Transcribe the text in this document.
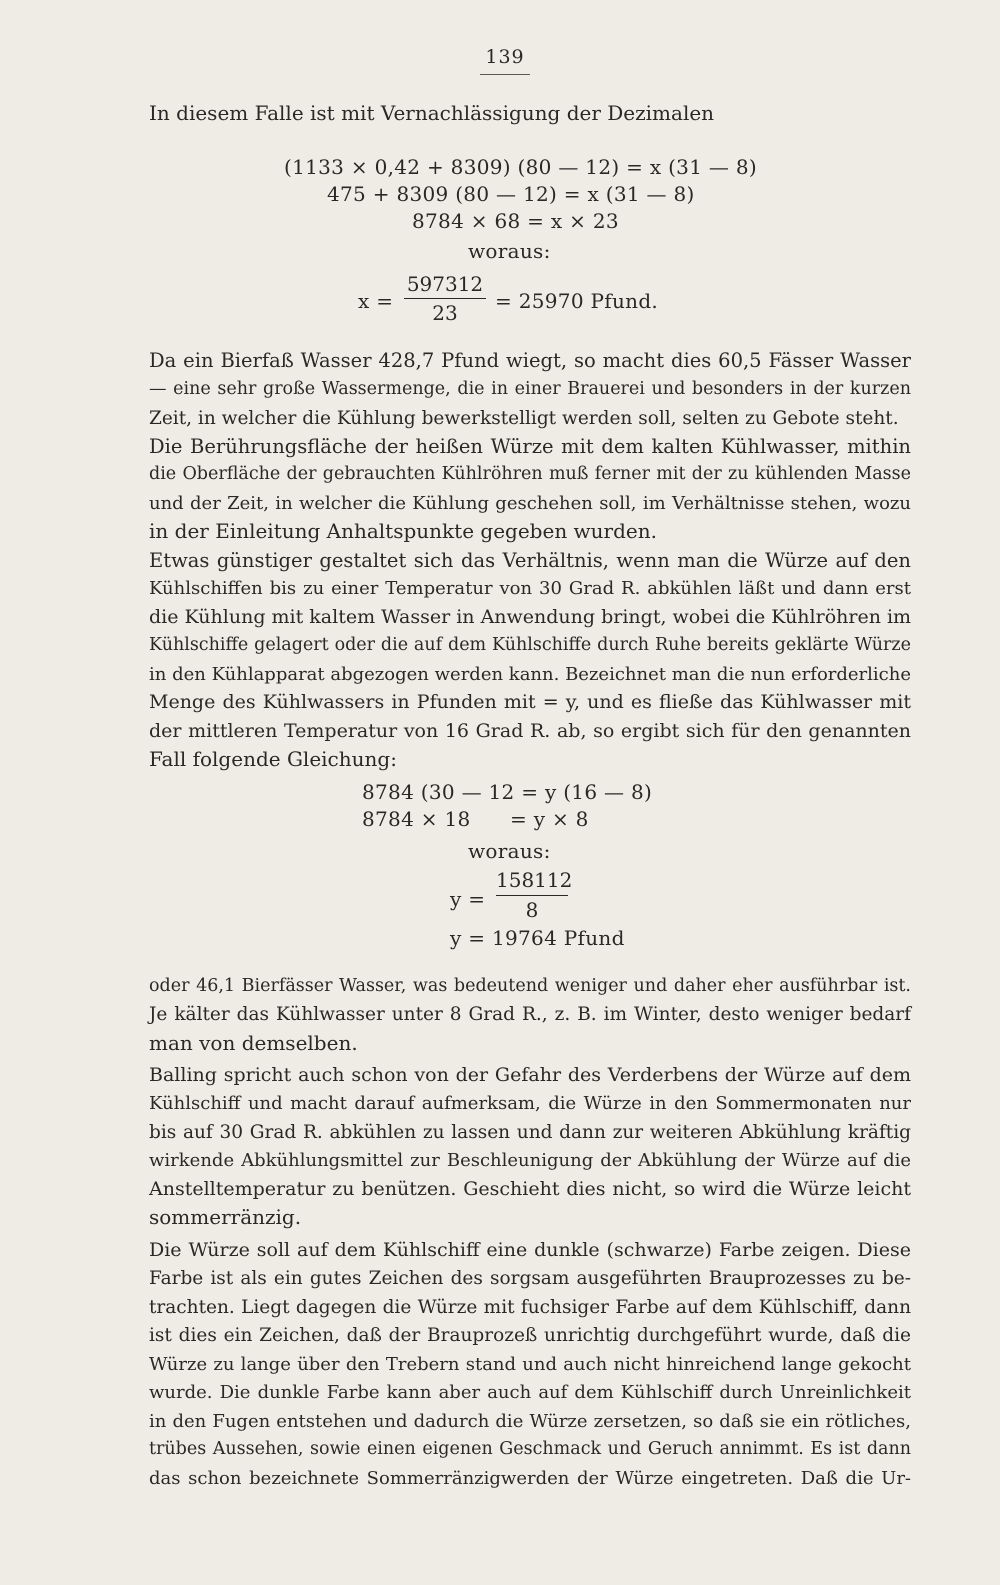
139
In diesem Falle ist mit Vernachlässigung der Dezimalen
(1133 × 0,42 + 8309) (80 — 12) = x (31 — 8)
475 + 8309 (80 — 12) = x (31 — 8)
8784 × 68 = x × 23
woraus:
x =
597312
23	= 25970 Pfund.
Da ein Bierfaß Wasser 428,7 Pfund wiegt, so macht dies 60,5 Fässer Wasser
— eine sehr große Wassermenge, die in einer Brauerei und besonders in der kurzen
Zeit, in welcher die Kühlung bewerkstelligt werden soll, selten zu Gebote steht.
Die Berührungsfläche der heißen Würze mit dem kalten Kühlwasser, mithin
die Oberfläche der gebrauchten Kühlröhren muß ferner mit der zu kühlenden Masse
und der Zeit, in welcher die Kühlung geschehen soll, im Verhältnisse stehen, wozu
in der Einleitung Anhaltspunkte gegeben wurden.
Etwas günstiger gestaltet sich das Verhältnis, wenn man die Würze auf den
Kühlschiffen bis zu einer Temperatur von 30 Grad R. abkühlen läßt und dann erst
die Kühlung mit kaltem Wasser in Anwendung bringt, wobei die Kühlröhren im
Kühlschiffe gelagert oder die auf dem Kühlschiffe durch Ruhe bereits geklärte Würze
in den Kühlapparat abgezogen werden kann. Bezeichnet man die nun erforderliche
Menge des Kühlwassers in Pfunden mit = y, und es fließe das Kühlwasser mit
der mittleren Temperatur von 16 Grad R. ab, so ergibt sich für den genannten
Fall folgende Gleichung:
8784 (30 — 12 = y (16 — 8)
8784 × 18 = y × 8
woraus:
y =
158112
8
y = 19764 Pfund
oder 46,1 Bierfässer Wasser, was bedeutend weniger und daher eher ausführbar ist.
Je kälter das Kühlwasser unter 8 Grad R., z. B. im Winter, desto weniger bedarf
man von demselben.
Balling spricht auch schon von der Gefahr des Verderbens der Würze auf dem
Kühlschiff und macht darauf aufmerksam, die Würze in den Sommermonaten nur
bis auf 30 Grad R. abkühlen zu lassen und dann zur weiteren Abkühlung kräftig
wirkende Abkühlungsmittel zur Beschleunigung der Abkühlung der Würze auf die
Anstelltemperatur zu benützen. Geschieht dies nicht, so wird die Würze leicht
sommerränzig.
Die Würze soll auf dem Kühlschiff eine dunkle (schwarze) Farbe zeigen. Diese
Farbe ist als ein gutes Zeichen des sorgsam ausgeführten Brauprozesses zu be-
trachten. Liegt dagegen die Würze mit fuchsiger Farbe auf dem Kühlschiff, dann
ist dies ein Zeichen, daß der Brauprozeß unrichtig durchgeführt wurde, daß die
Würze zu lange über den Trebern stand und auch nicht hinreichend lange gekocht
wurde. Die dunkle Farbe kann aber auch auf dem Kühlschiff durch Unreinlichkeit
in den Fugen entstehen und dadurch die Würze zersetzen, so daß sie ein rötliches,
trübes Aussehen, sowie einen eigenen Geschmack und Geruch annimmt. Es ist dann
das schon bezeichnete Sommerränzigwerden der Würze eingetreten. Daß die Ur-
